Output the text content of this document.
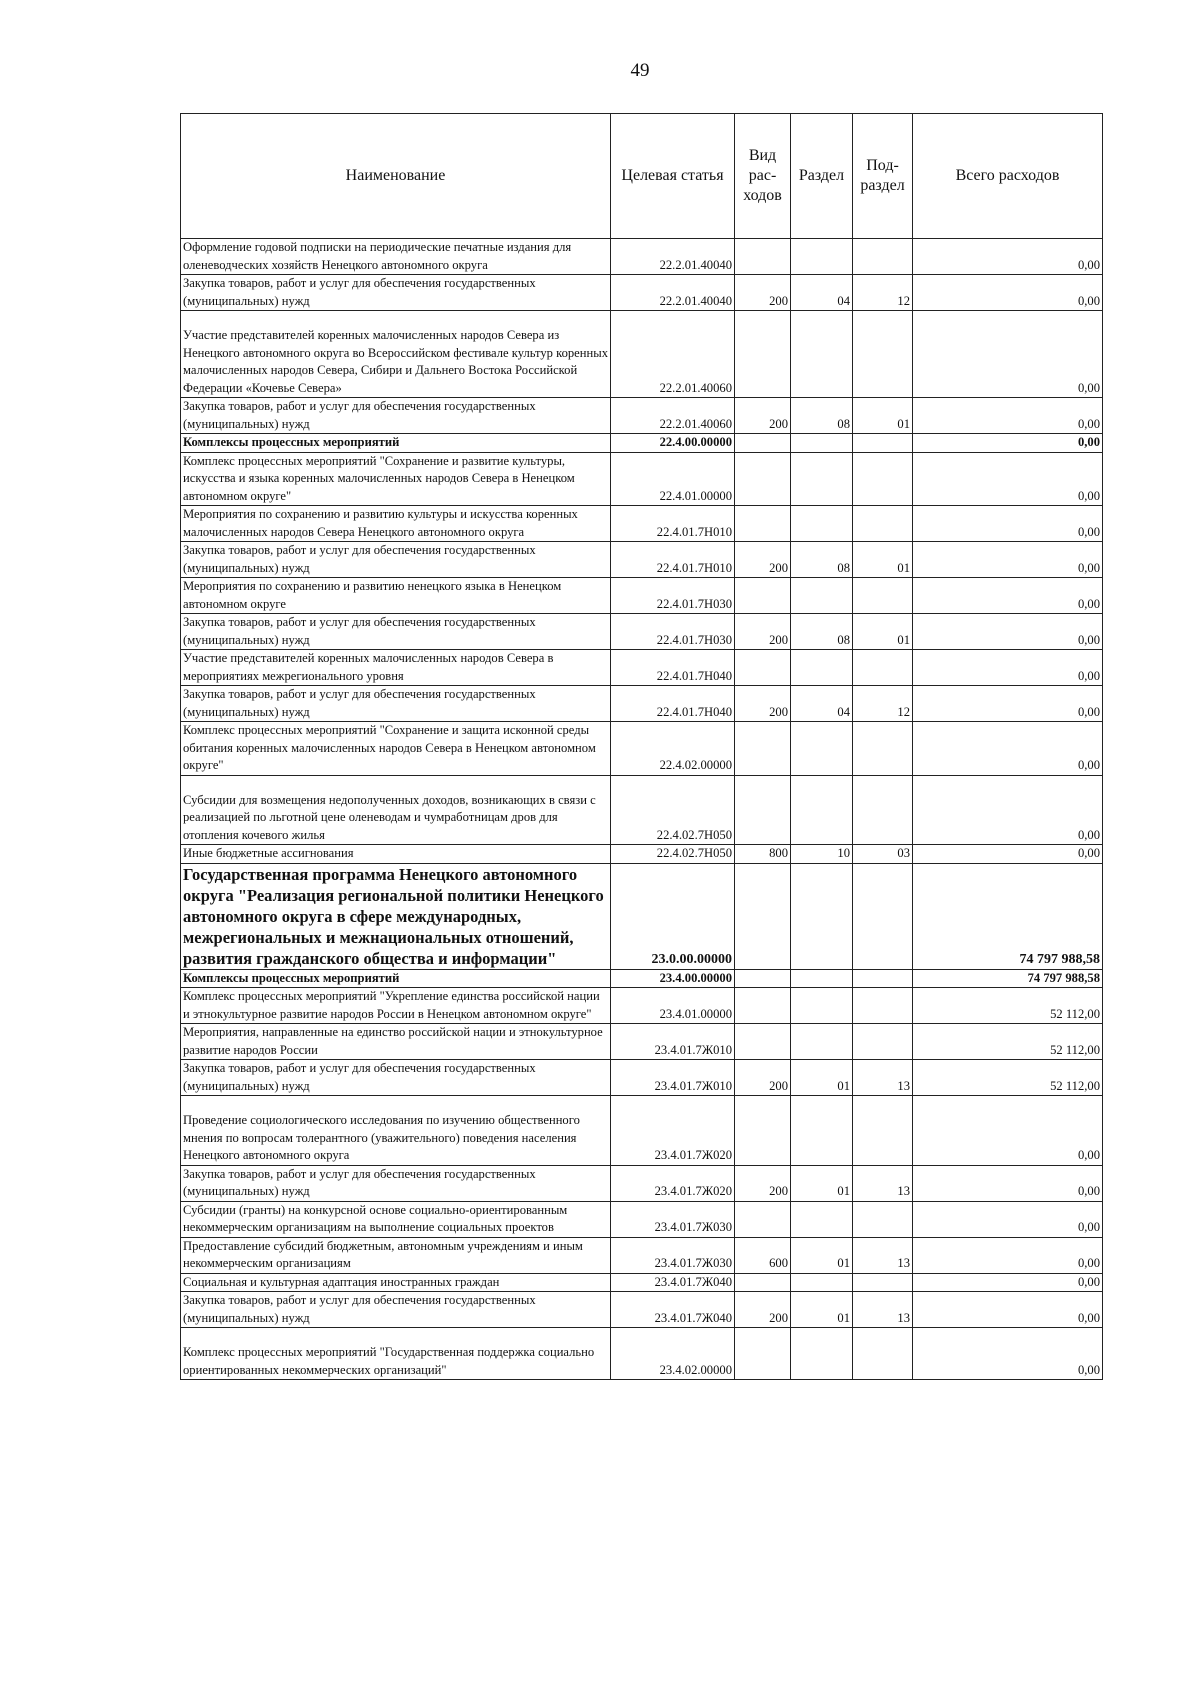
49
Наименование	Целевая статья	Вид рас- ходов	Раздел	Под- раздел	Всего расходов
Оформление годовой подписки на периодические печатные издания для оленеводческих хозяйств Ненецкого автономного округа	22.2.01.40040				0,00
Закупка товаров, работ и услуг для обеспечения государственных (муниципальных) нужд	22.2.01.40040	200	04	12	0,00
Участие представителей коренных малочисленных народов Севера из Ненецкого автономного округа во Всероссийском фестивале культур коренных малочисленных народов Севера, Сибири и Дальнего Востока Российской Федерации «Кочевье Севера»	22.2.01.40060				0,00
Закупка товаров, работ и услуг для обеспечения государственных (муниципальных) нужд	22.2.01.40060	200	08	01	0,00
Комплексы процессных мероприятий	22.4.00.00000				0,00
Комплекс процессных мероприятий "Сохранение и развитие культуры, искусства и языка коренных малочисленных народов Севера в Ненецком автономном округе"	22.4.01.00000				0,00
Мероприятия по сохранению и развитию культуры и искусства коренных малочисленных народов Севера Ненецкого автономного округа	22.4.01.7Н010				0,00
Закупка товаров, работ и услуг для обеспечения государственных (муниципальных) нужд	22.4.01.7Н010	200	08	01	0,00
Мероприятия по сохранению и развитию ненецкого языка в Ненецком автономном округе	22.4.01.7Н030				0,00
Закупка товаров, работ и услуг для обеспечения государственных (муниципальных) нужд	22.4.01.7Н030	200	08	01	0,00
Участие представителей коренных малочисленных народов Севера в мероприятиях межрегионального уровня	22.4.01.7Н040				0,00
Закупка товаров, работ и услуг для обеспечения государственных (муниципальных) нужд	22.4.01.7Н040	200	04	12	0,00
Комплекс процессных мероприятий "Сохранение и защита исконной среды обитания коренных малочисленных народов Севера в Ненецком автономном округе"	22.4.02.00000				0,00
Субсидии для возмещения недополученных доходов, возникающих в связи с реализацией по льготной цене оленеводам и чумработницам дров для отопления кочевого жилья	22.4.02.7Н050				0,00
Иные бюджетные ассигнования	22.4.02.7Н050	800	10	03	0,00
Государственная программа Ненецкого автономного округа "Реализация региональной политики Ненецкого автономного округа в сфере международных, межрегиональных и межнациональных отношений, развития гражданского общества и информации"	23.0.00.00000				74 797 988,58
Комплексы процессных мероприятий	23.4.00.00000				74 797 988,58
Комплекс процессных мероприятий "Укрепление единства российской нации и этнокультурное развитие народов России в Ненецком автономном округе"	23.4.01.00000				52 112,00
Мероприятия, направленные на единство российской нации и этнокультурное развитие народов России	23.4.01.7Ж010				52 112,00
Закупка товаров, работ и услуг для обеспечения государственных (муниципальных) нужд	23.4.01.7Ж010	200	01	13	52 112,00
Проведение социологического исследования по изучению общественного мнения по вопросам толерантного (уважительного) поведения населения Ненецкого автономного округа	23.4.01.7Ж020				0,00
Закупка товаров, работ и услуг для обеспечения государственных (муниципальных) нужд	23.4.01.7Ж020	200	01	13	0,00
Субсидии (гранты) на конкурсной основе социально-ориентированным некоммерческим организациям на выполнение социальных проектов	23.4.01.7Ж030				0,00
Предоставление субсидий бюджетным, автономным учреждениям и иным некоммерческим организациям	23.4.01.7Ж030	600	01	13	0,00
Социальная и культурная адаптация иностранных граждан	23.4.01.7Ж040				0,00
Закупка товаров, работ и услуг для обеспечения государственных (муниципальных) нужд	23.4.01.7Ж040	200	01	13	0,00
Комплекс процессных мероприятий "Государственная поддержка социально ориентированных некоммерческих организаций"	23.4.02.00000				0,00
